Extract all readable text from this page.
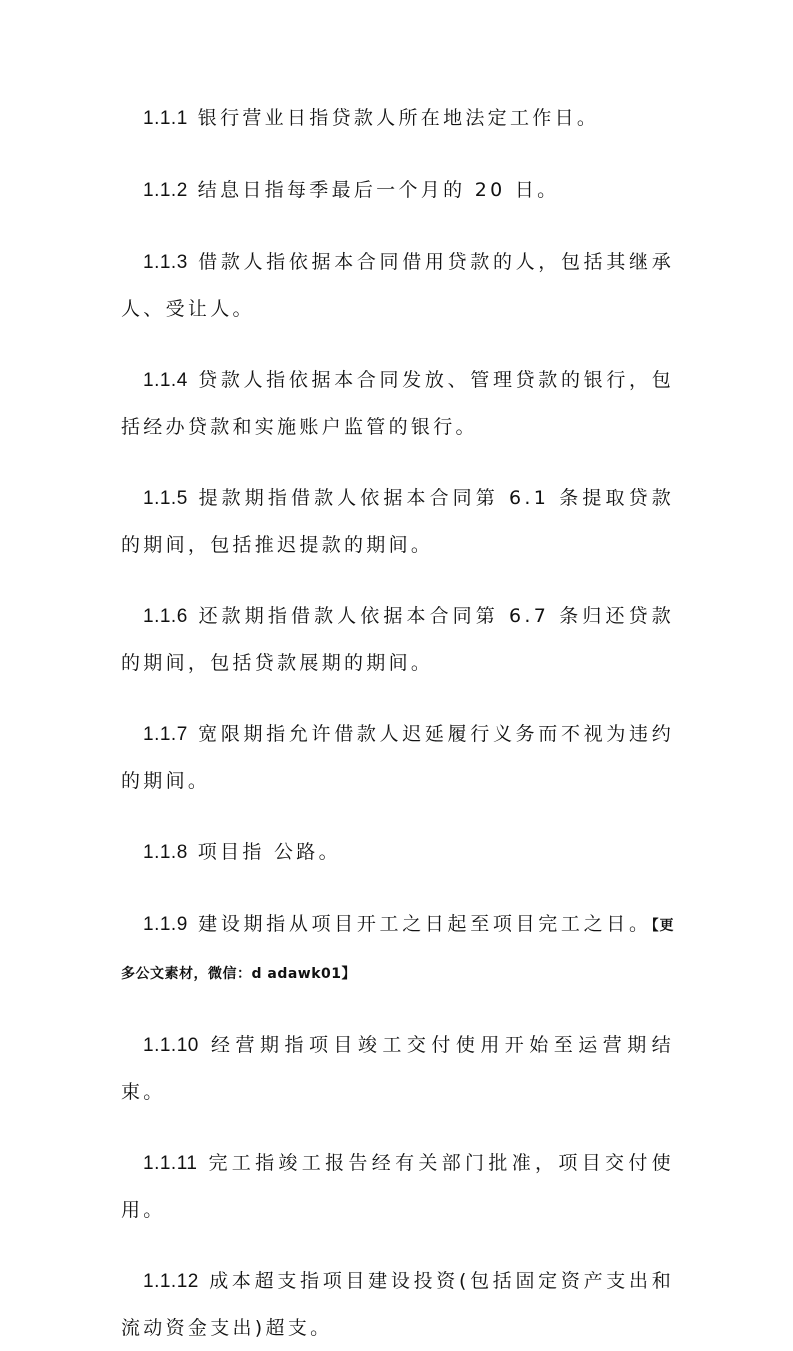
1.1.1 银行营业日指贷款人所在地法定工作日。

1.1.2 结息日指每季最后一个月的 20 日。

1.1.3 借款人指依据本合同借用贷款的人，包括其继承人、受让人。

1.1.4 贷款人指依据本合同发放、管理贷款的银行，包括经办贷款和实施账户监管的银行。

1.1.5 提款期指借款人依据本合同第 6.1 条提取贷款的期间，包括推迟提款的期间。

1.1.6 还款期指借款人依据本合同第 6.7 条归还贷款的期间，包括贷款展期的期间。

1.1.7 宽限期指允许借款人迟延履行义务而不视为违约的期间。

1.1.8 项目指 公路。

1.1.9 建设期指从项目开工之日起至项目完工之日。【更多公文素材，微信：d adawk01】

1.1.10 经营期指项目竣工交付使用开始至运营期结束。

1.1.11 完工指竣工报告经有关部门批准，项目交付使用。

1.1.12 成本超支指项目建设投资(包括固定资产支出和流动资金支出)超支。
